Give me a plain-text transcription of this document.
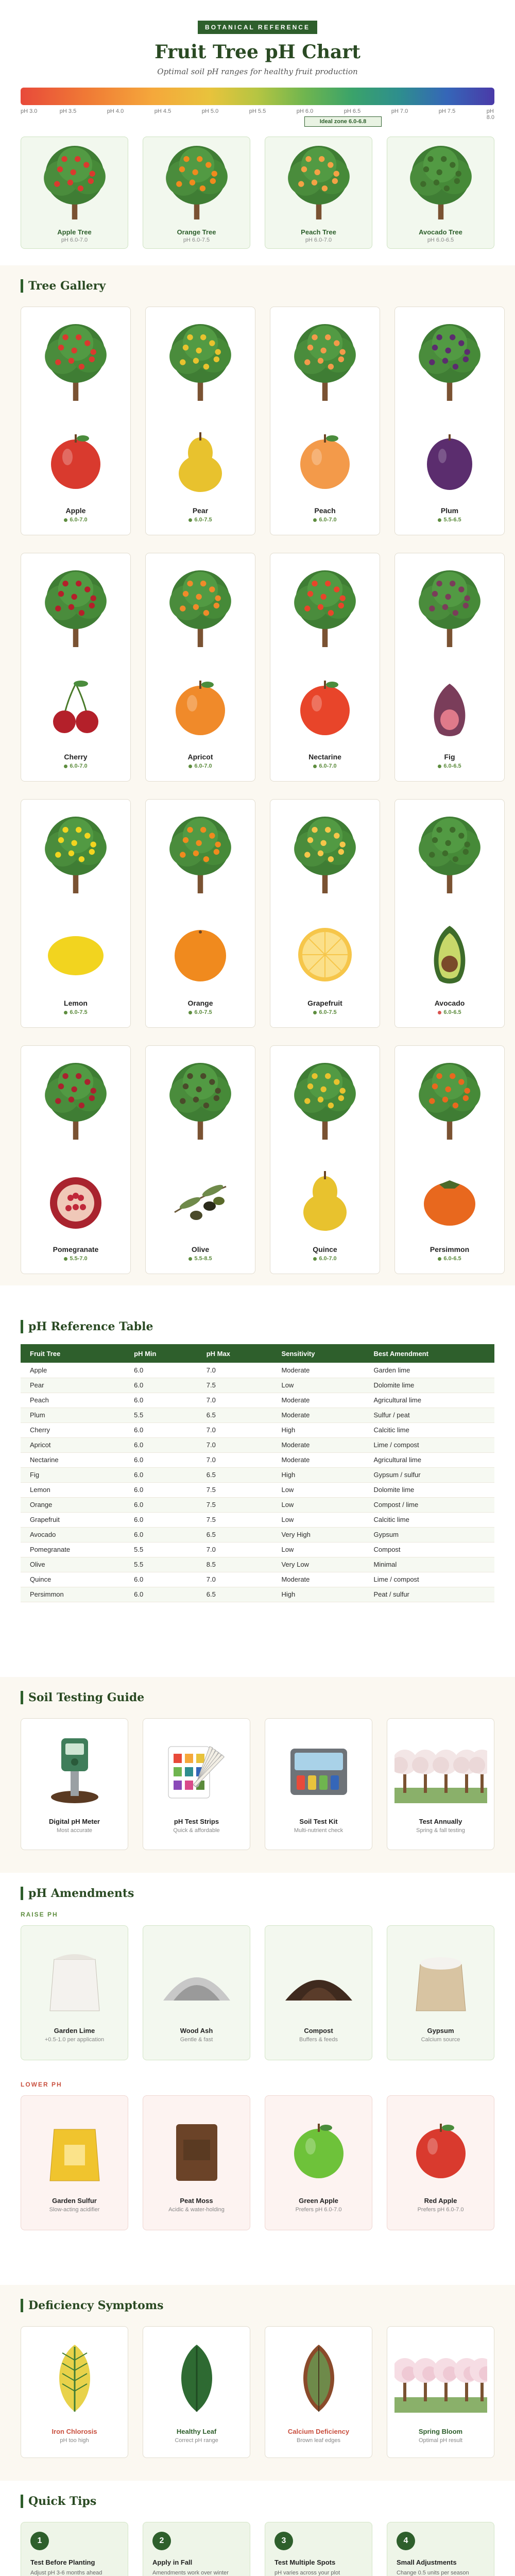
BOTANICAL REFERENCE
Fruit Tree pH Chart
Optimal soil pH ranges for healthy fruit production
pH 3.0	pH 3.5	pH 4.0	pH 4.5	pH 5.0	pH 5.5	pH 6.0	pH 6.5	pH 7.0	pH 7.5	pH 8.0
Ideal zone 6.0-6.8
Apple Tree
pH 6.0-7.0
Orange Tree
pH 6.0-7.5
Peach Tree
pH 6.0-7.0
Avocado Tree
pH 6.0-6.5
Tree Gallery
Apple
6.0-7.0
Pear
6.0-7.5
Peach
6.0-7.0
Plum
5.5-6.5
Cherry
6.0-7.0
Apricot
6.0-7.0
Nectarine
6.0-7.0
Fig
6.0-6.5
Lemon
6.0-7.5
Orange
6.0-7.5
Grapefruit
6.0-7.5
Avocado
6.0-6.5
Pomegranate
5.5-7.0
Olive
5.5-8.5
Quince
6.0-7.0
Persimmon
6.0-6.5
pH Reference Table
Fruit Tree	pH Min	pH Max	Sensitivity	Best Amendment
Apple	6.0	7.0	Moderate	Garden lime
Pear	6.0	7.5	Low	Dolomite lime
Peach	6.0	7.0	Moderate	Agricultural lime
Plum	5.5	6.5	Moderate	Sulfur / peat
Cherry	6.0	7.0	High	Calcitic lime
Apricot	6.0	7.0	Moderate	Lime / compost
Nectarine	6.0	7.0	Moderate	Agricultural lime
Fig	6.0	6.5	High	Gypsum / sulfur
Lemon	6.0	7.5	Low	Dolomite lime
Orange	6.0	7.5	Low	Compost / lime
Grapefruit	6.0	7.5	Low	Calcitic lime
Avocado	6.0	6.5	Very High	Gypsum
Pomegranate	5.5	7.0	Low	Compost
Olive	5.5	8.5	Very Low	Minimal
Quince	6.0	7.0	Moderate	Lime / compost
Persimmon	6.0	6.5	High	Peat / sulfur
Soil Testing Guide
Digital pH Meter
Most accurate
pH Test Strips
Quick & affordable
Soil Test Kit
Multi-nutrient check
Test Annually
Spring & fall testing
pH Amendments
RAISE PH
Garden Lime
+0.5-1.0 per application
Wood Ash
Gentle & fast
Compost
Buffers & feeds
Gypsum
Calcium source
LOWER PH
Garden Sulfur
Slow-acting acidifier
Peat Moss
Acidic & water-holding
Green Apple
Prefers pH 6.0-7.0
Red Apple
Prefers pH 6.0-7.0
Deficiency Symptoms
Iron Chlorosis
pH too high
Healthy Leaf
Correct pH range
Calcium Deficiency
Brown leaf edges
Spring Bloom
Optimal pH result
Quick Tips
1
Test Before Planting
Adjust pH 3-6 months ahead
2
Apply in Fall
Amendments work over winter
3
Test Multiple Spots
pH varies across your plot
4
Small Adjustments
Change 0.5 units per season
